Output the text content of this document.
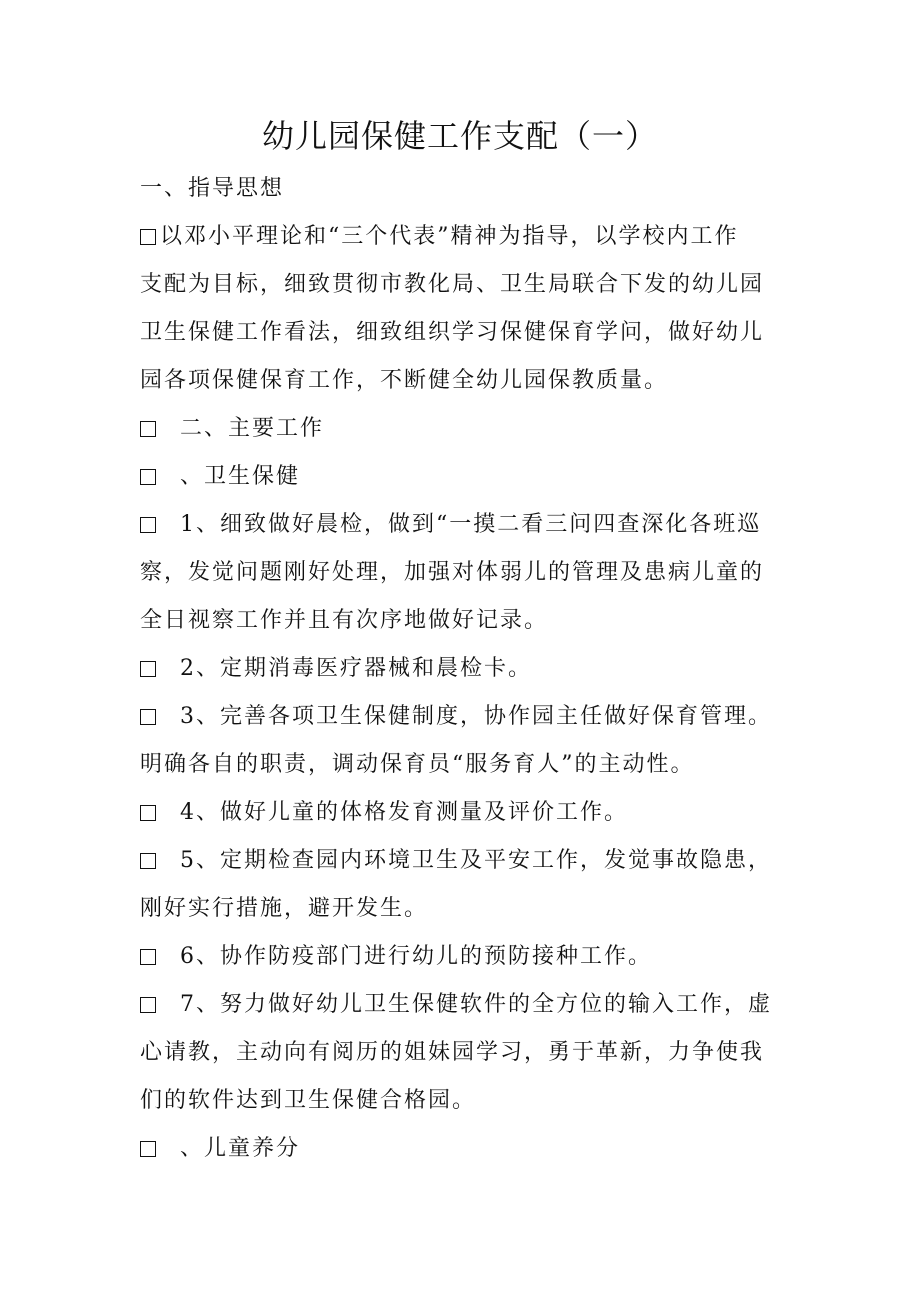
幼儿园保健工作支配（一）
一、指导思想
以邓小平理论和“三个代表”精神为指导，以学校内工作
支配为目标，细致贯彻市教化局、卫生局联合下发的幼儿园
卫生保健工作看法，细致组织学习保健保育学问，做好幼儿
园各项保健保育工作，不断健全幼儿园保教质量。
二、主要工作
、卫生保健
1、细致做好晨检，做到“一摸二看三问四查深化各班巡
察，发觉问题刚好处理，加强对体弱儿的管理及患病儿童的
全日视察工作并且有次序地做好记录。
2、定期消毒医疗器械和晨检卡。
3、完善各项卫生保健制度，协作园主任做好保育管理。
明确各自的职责，调动保育员“服务育人”的主动性。
4、做好儿童的体格发育测量及评价工作。
5、定期检查园内环境卫生及平安工作，发觉事故隐患，
刚好实行措施，避开发生。
6、协作防疫部门进行幼儿的预防接种工作。
7、努力做好幼儿卫生保健软件的全方位的输入工作，虚
心请教，主动向有阅历的姐妹园学习，勇于革新，力争使我
们的软件达到卫生保健合格园。
、儿童养分
